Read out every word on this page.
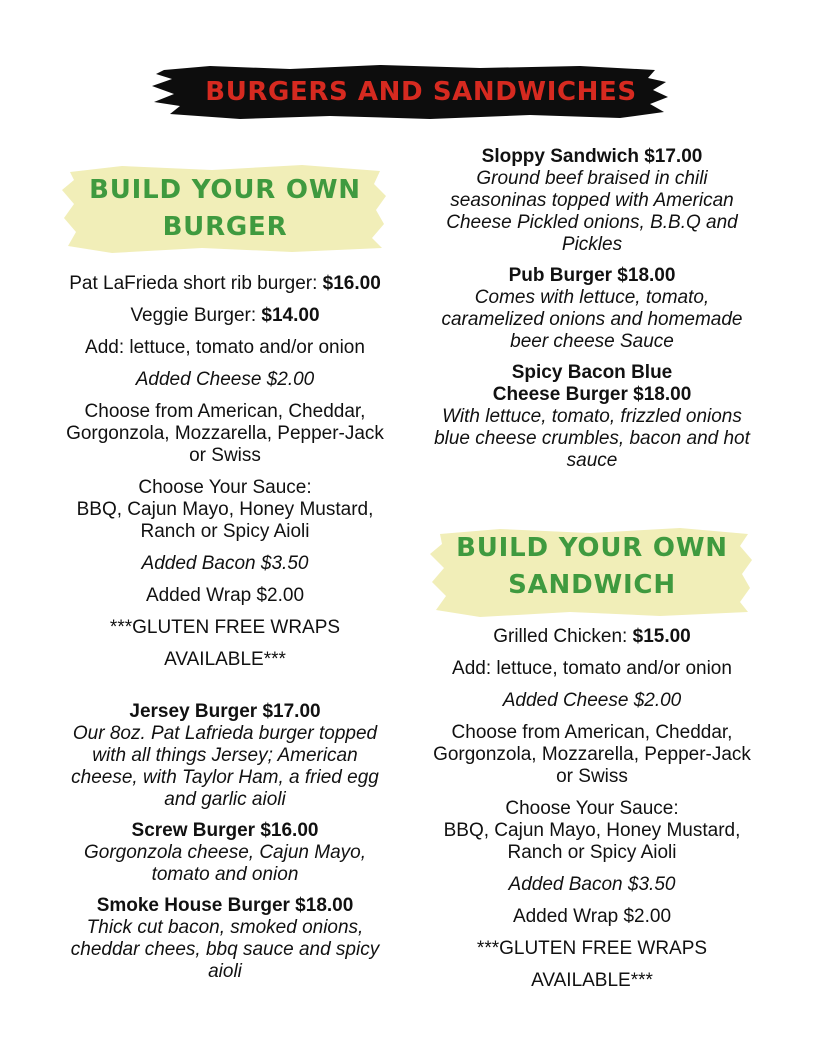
BURGERS AND SANDWICHES
BUILD YOUR OWN
BURGER

Pat LaFrieda short rib burger: $16.00

Veggie Burger: $14.00

Add: lettuce, tomato and/or onion

Added Cheese $2.00

Choose from American, Cheddar,
Gorgonzola, Mozzarella, Pepper-Jack
or Swiss

Choose Your Sauce:
BBQ, Cajun Mayo, Honey Mustard,
Ranch or Spicy Aioli

Added Bacon $3.50

Added Wrap $2.00

***GLUTEN FREE WRAPS

AVAILABLE***

Jersey Burger $17.00
Our 8oz. Pat Lafrieda burger topped
with all things Jersey; American
cheese, with Taylor Ham, a fried egg
and garlic aioli
Screw Burger $16.00
Gorgonzola cheese, Cajun Mayo,
tomato and onion
Smoke House Burger $18.00
Thick cut bacon, smoked onions,
cheddar chees, bbq sauce and spicy
aioli
Sloppy Sandwich $17.00
Ground beef braised in chili
seasoninas topped with American
Cheese Pickled onions, B.B.Q and
Pickles
Pub Burger $18.00
Comes with lettuce, tomato,
caramelized onions and homemade
beer cheese Sauce
Spicy Bacon Blue
Cheese Burger $18.00
With lettuce, tomato, frizzled onions
blue cheese crumbles, bacon and hot
sauce
BUILD YOUR OWN
SANDWICH

Grilled Chicken: $15.00

Add: lettuce, tomato and/or onion

Added Cheese $2.00

Choose from American, Cheddar,
Gorgonzola, Mozzarella, Pepper-Jack
or Swiss

Choose Your Sauce:
BBQ, Cajun Mayo, Honey Mustard,
Ranch or Spicy Aioli

Added Bacon $3.50

Added Wrap $2.00

***GLUTEN FREE WRAPS

AVAILABLE***
